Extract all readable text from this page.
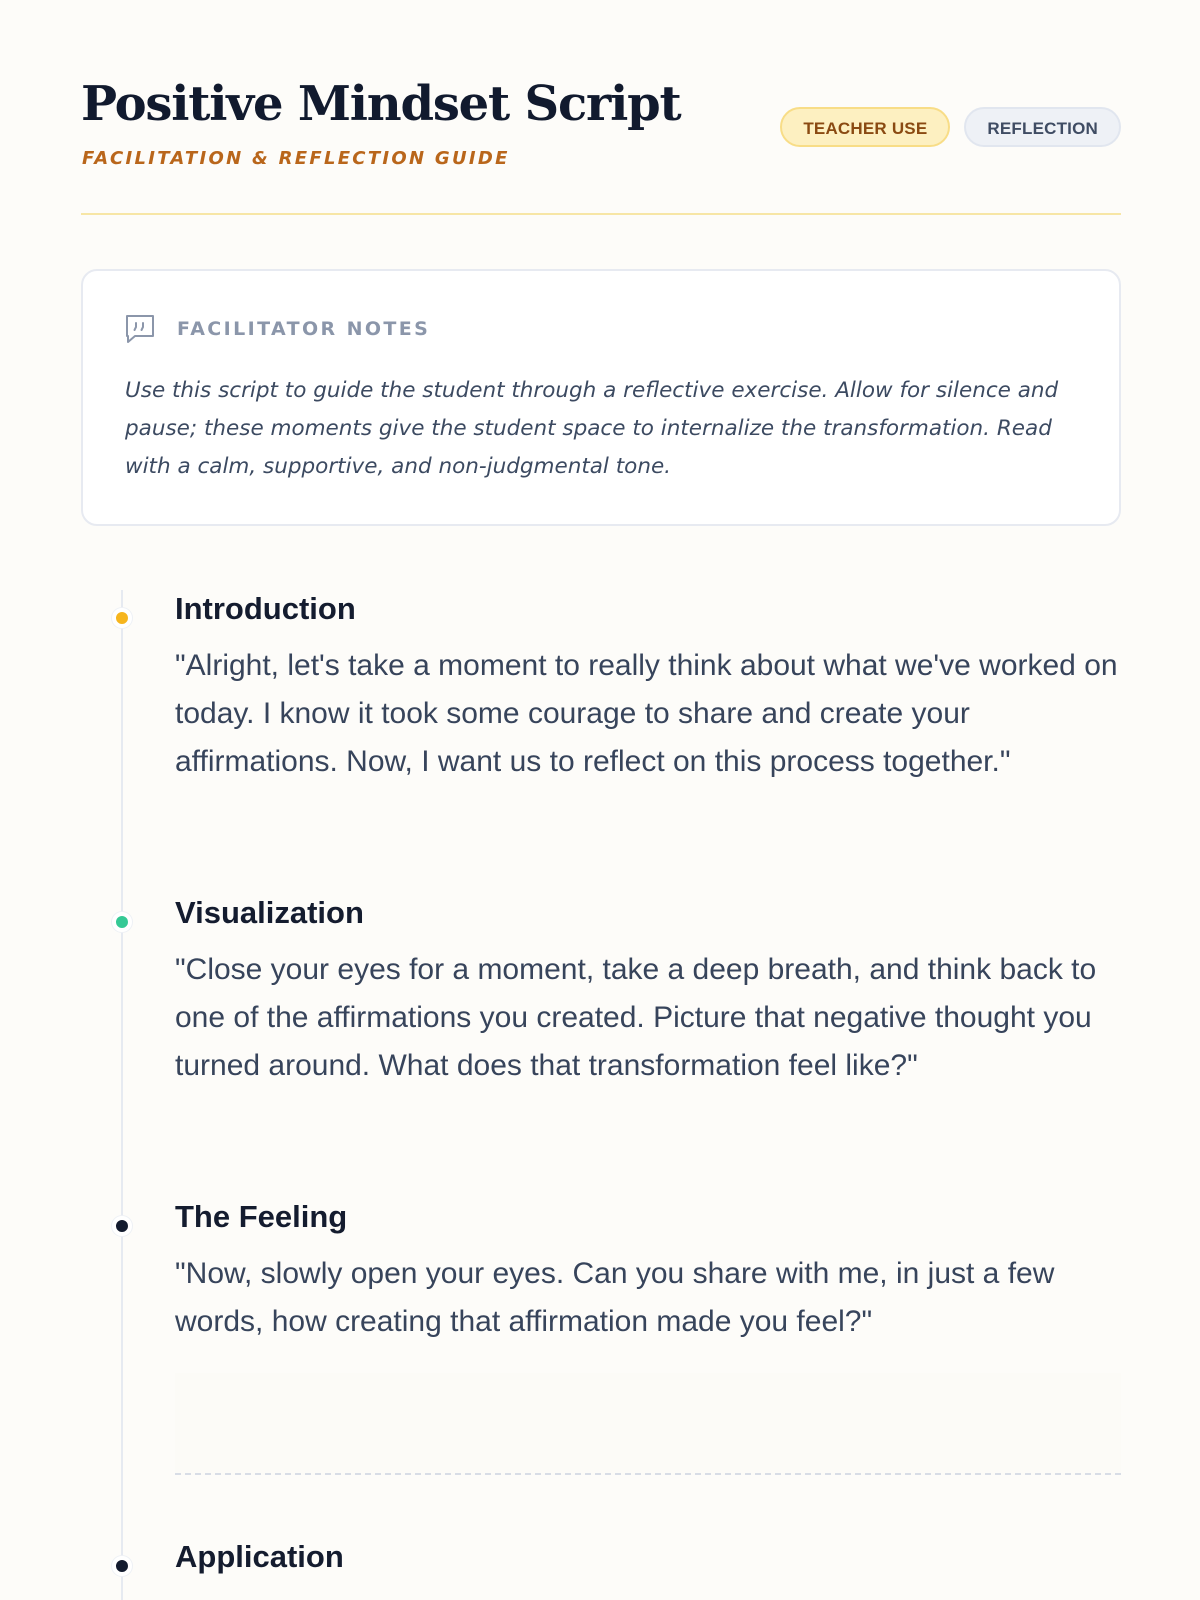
Positive Mindset Script
FACILITATION & REFLECTION GUIDE
TEACHER USE	REFLECTION
FACILITATOR NOTES

Use this script to guide the student through a reflective exercise. Allow for silence and pause; these moments give the student space to internalize the transformation. Read with a calm, supportive, and non-judgmental tone.

Introduction

"Alright, let's take a moment to really think about what we've worked on today. I know it took some courage to share and create your affirmations. Now, I want us to reflect on this process together."

Visualization

"Close your eyes for a moment, take a deep breath, and think back to one of the affirmations you created. Picture that negative thought you turned around. What does that transformation feel like?"

The Feeling

"Now, slowly open your eyes. Can you share with me, in just a few words, how creating that affirmation made you feel?"

Application
